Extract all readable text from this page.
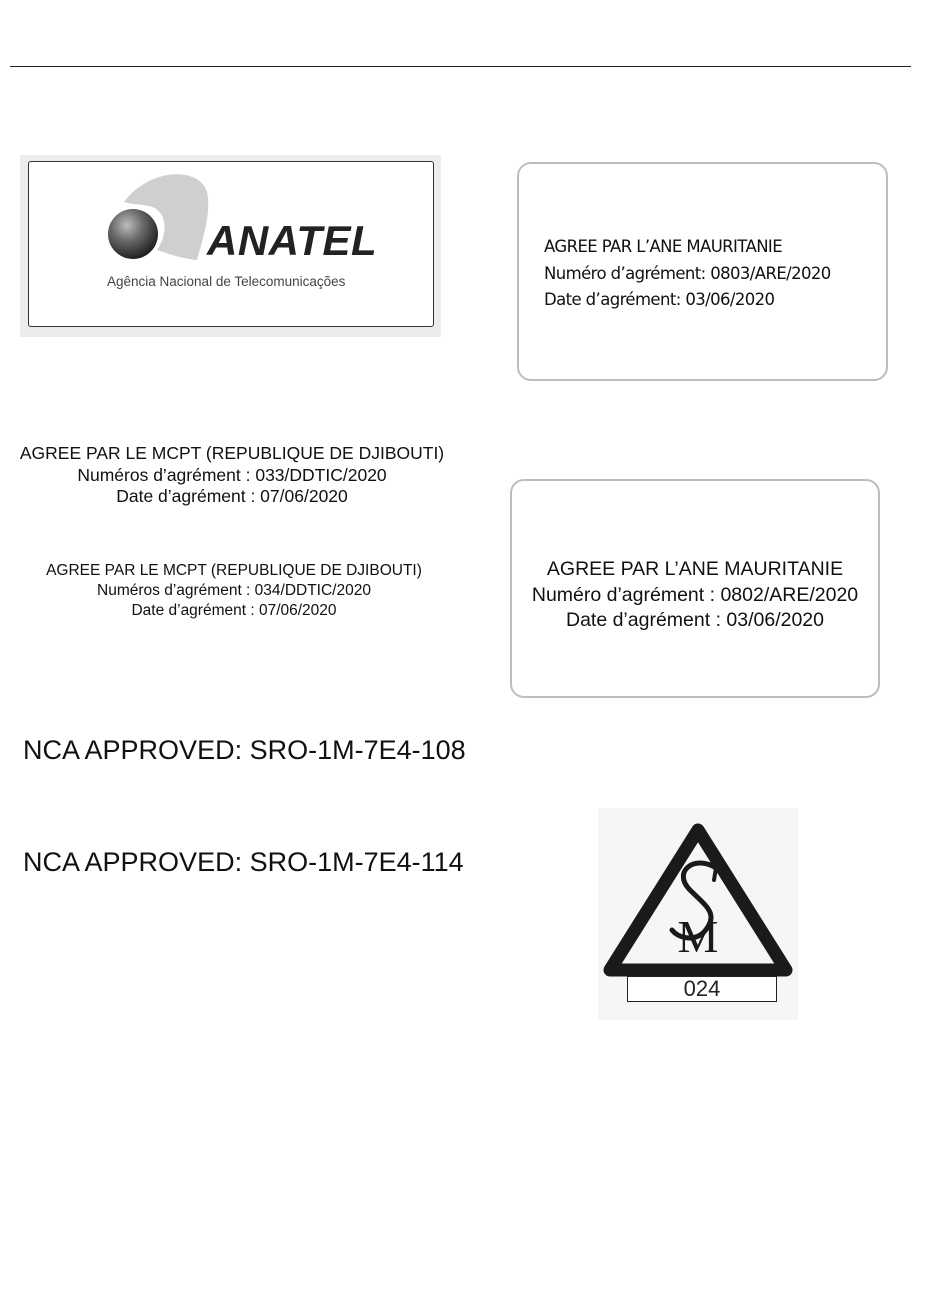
ANATEL
Agência Nacional de Telecomunicações
AGREE PAR L’ANE MAURITANIE
Numéro d’agrément: 0803/ARE/2020
Date d’agrément: 03/06/2020
AGREE PAR LE MCPT (REPUBLIQUE DE DJIBOUTI)
Numéros d’agrément : 033/DDTIC/2020
Date d’agrément : 07/06/2020
AGREE PAR LE MCPT (REPUBLIQUE DE DJIBOUTI)
Numéros d’agrément : 034/DDTIC/2020
Date d’agrément : 07/06/2020
AGREE PAR L’ANE MAURITANIE
Numéro d’agrément : 0802/ARE/2020
Date d’agrément : 03/06/2020
NCA APPROVED: SRO-1M-7E4-108
NCA APPROVED: SRO-1M-7E4-114
M
024
